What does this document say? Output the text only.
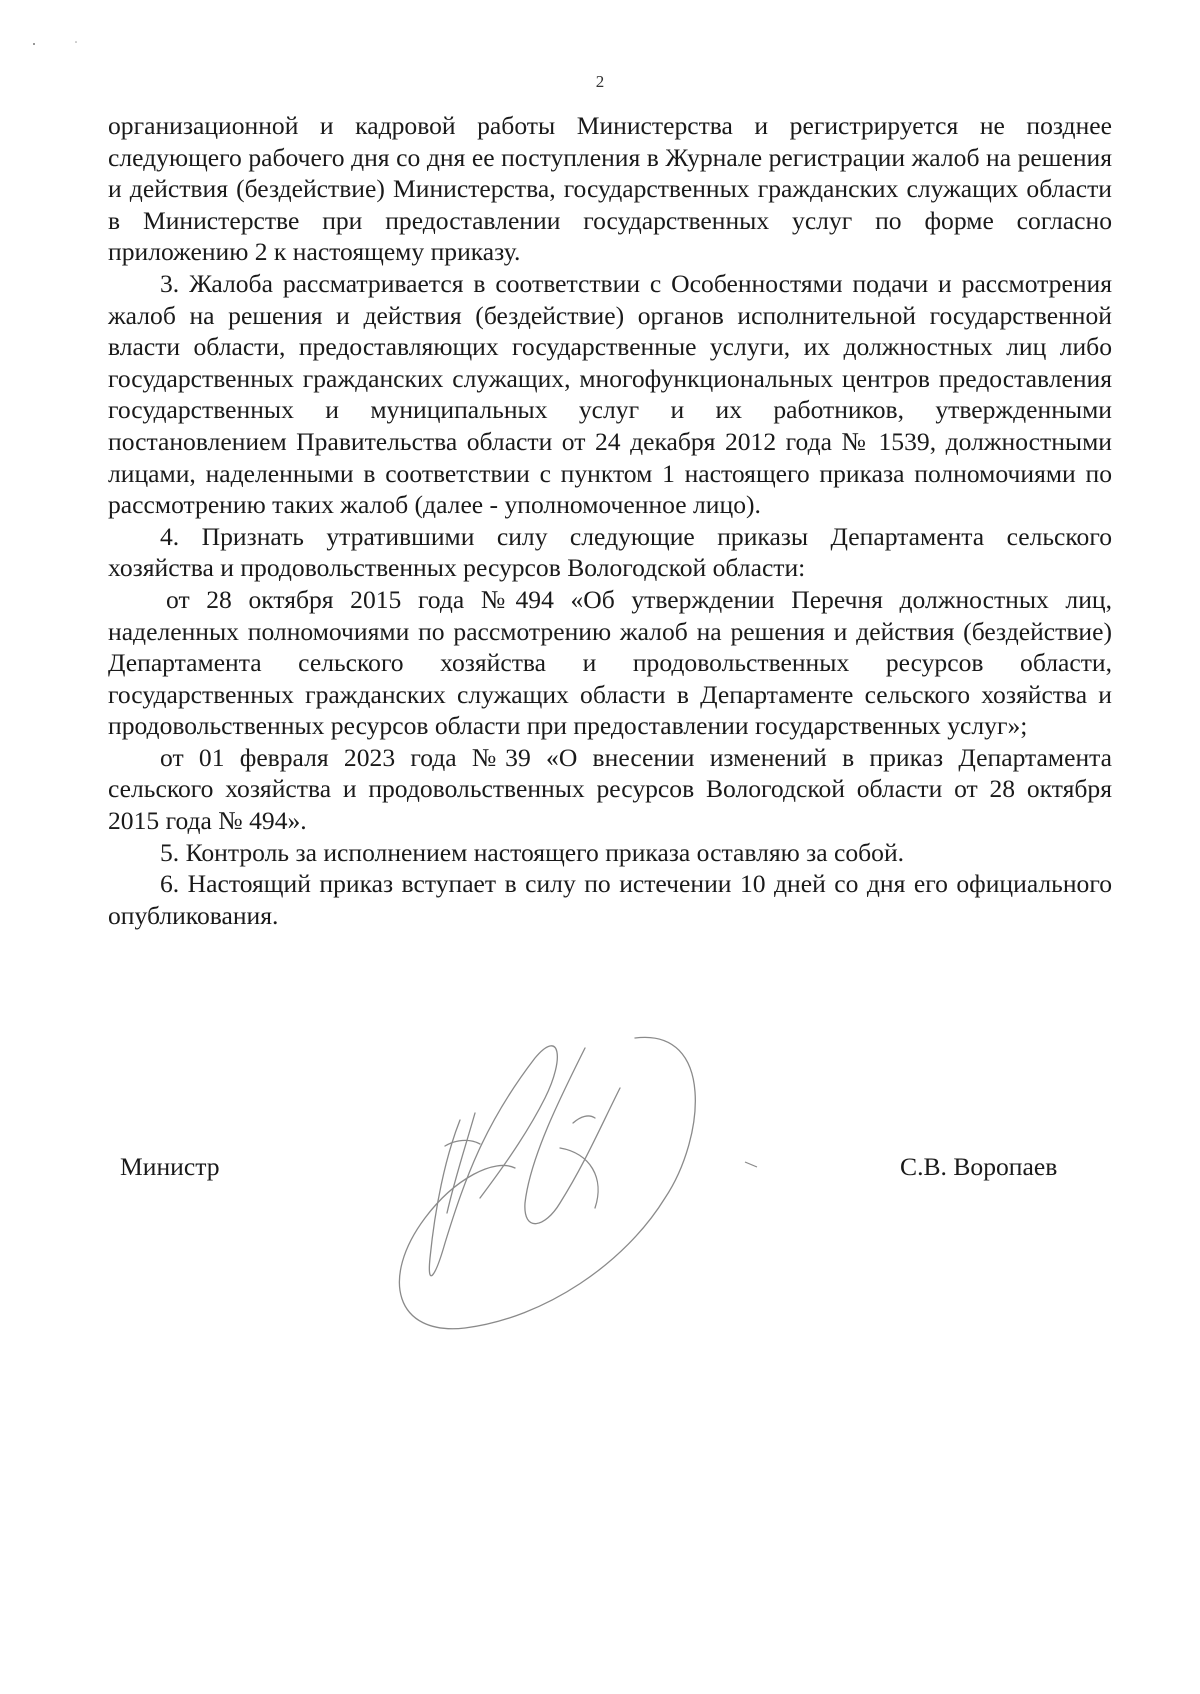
2

организационной и кадровой работы Министерства и регистрируется не позднее следующего рабочего дня со дня ее поступления в Журнале регистрации жалоб на решения и действия (бездействие) Министерства, государственных гражданских служащих области в Министерстве при предоставлении государственных услуг по форме согласно приложению 2 к настоящему приказу.

3. Жалоба рассматривается в соответствии с Особенностями подачи и рассмотрения жалоб на решения и действия (бездействие) органов исполнительной государственной власти области, предоставляющих государственные услуги, их должностных лиц либо государственных гражданских служащих, многофункциональных центров предоставления государственных и муниципальных услуг и их работников, утвержденными постановлением Правительства области от 24 декабря 2012 года № 1539, должностными лицами, наделенными в соответствии с пунктом 1 настоящего приказа полномочиями по рассмотрению таких жалоб (далее - уполномоченное лицо).

4. Признать утратившими силу следующие приказы Департамента сельского хозяйства и продовольственных ресурсов Вологодской области:

от 28 октября 2015 года №494 «Об утверждении Перечня должностных лиц, наделенных полномочиями по рассмотрению жалоб на решения и действия (бездействие) Департамента сельского хозяйства и продовольственных ресурсов области, государственных гражданских служащих области в Департаменте сельского хозяйства и продовольственных ресурсов области при предоставлении государственных услуг»;

от 01 февраля 2023 года №39 «О внесении изменений в приказ Департамента сельского хозяйства и продовольственных ресурсов Вологодской области от 28 октября 2015 года № 494».

5. Контроль за исполнением настоящего приказа оставляю за собой.

6. Настоящий приказ вступает в силу по истечении 10 дней со дня его официального опубликования.

Министр	С.В. Воропаев
